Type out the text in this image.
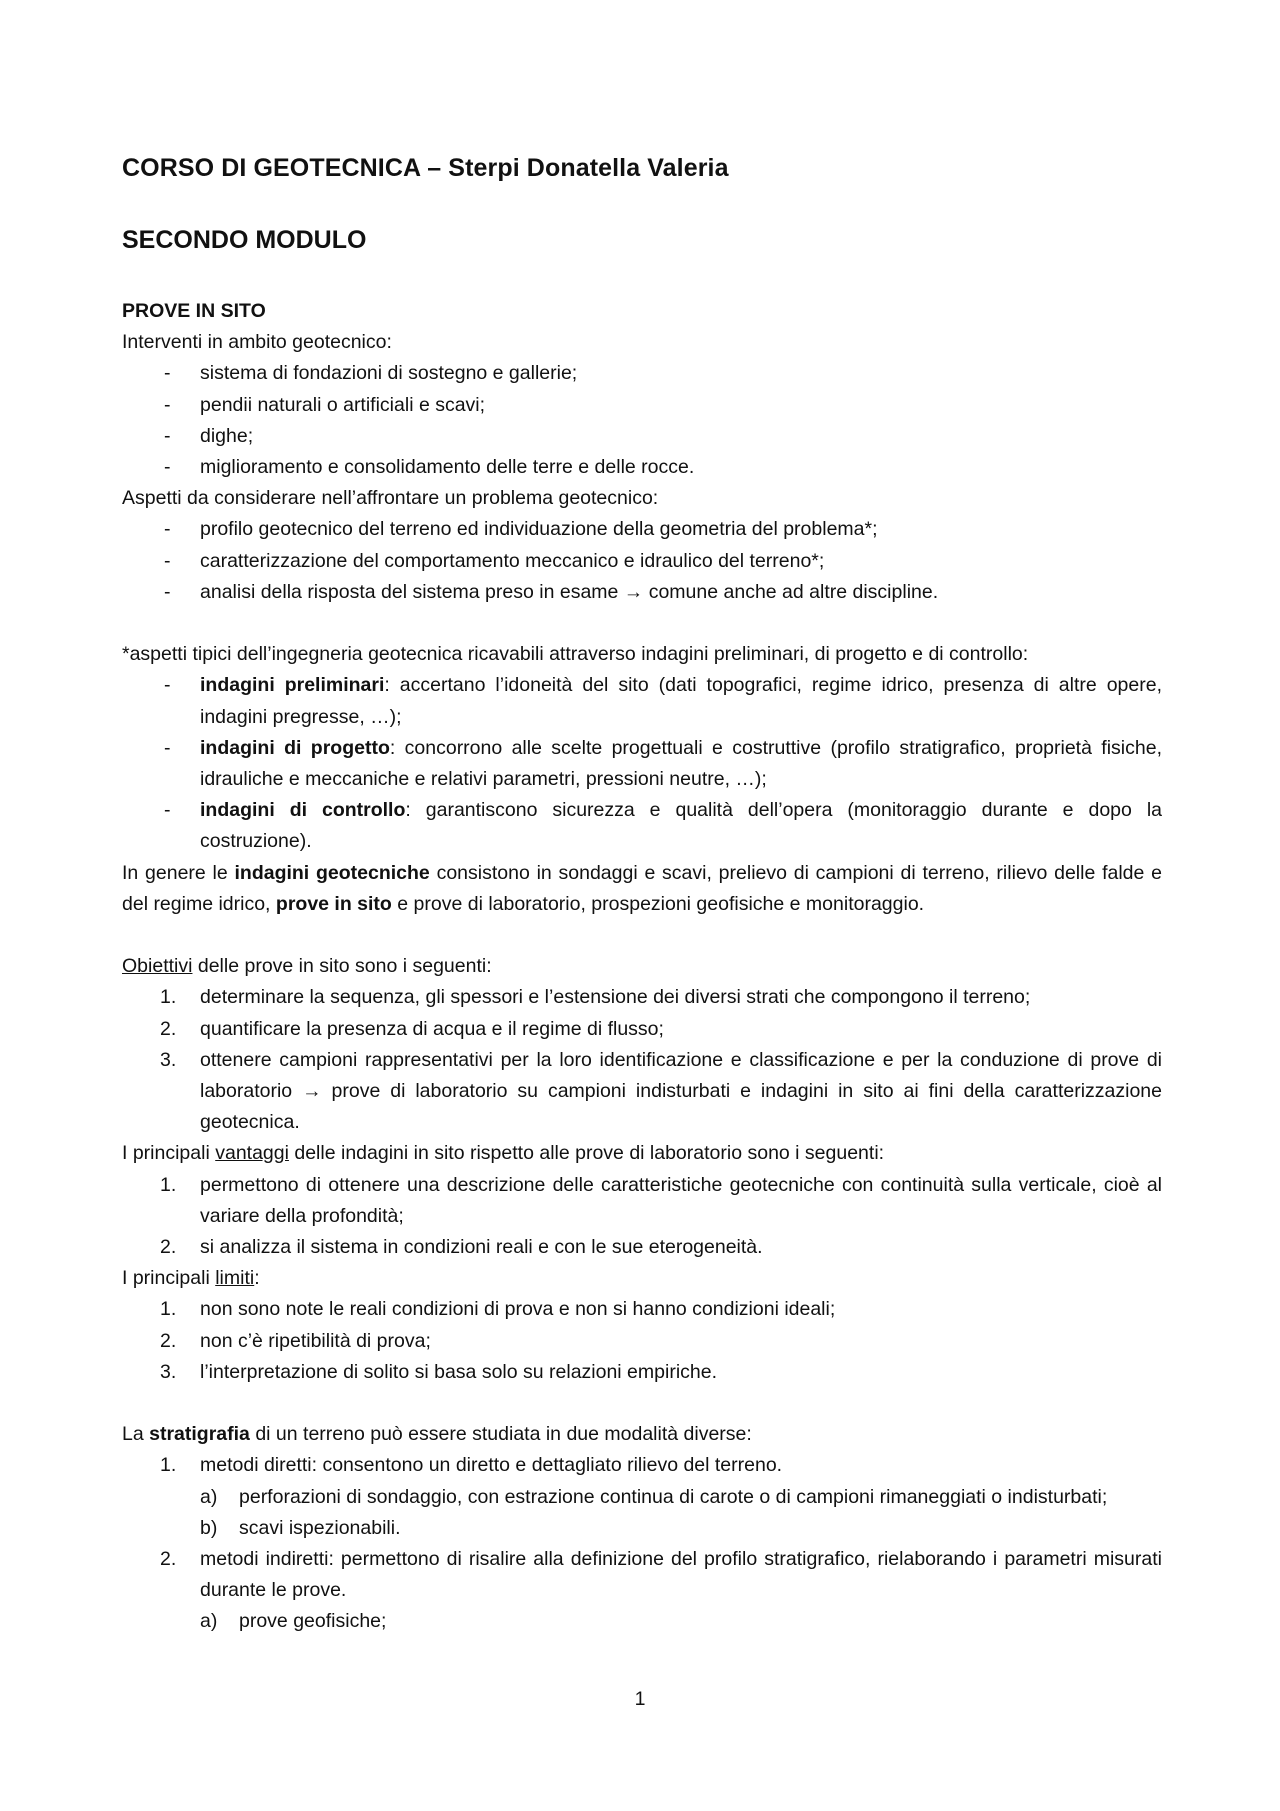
CORSO DI GEOTECNICA – Sterpi Donatella Valeria
SECONDO MODULO

PROVE IN SITO

Interventi in ambito geotecnico:

-	sistema di fondazioni di sostegno e gallerie;
-	pendii naturali o artificiali e scavi;
-	dighe;
-	miglioramento e consolidamento delle terre e delle rocce.

Aspetti da considerare nell’affrontare un problema geotecnico:

-	profilo geotecnico del terreno ed individuazione della geometria del problema*;
-	caratterizzazione del comportamento meccanico e idraulico del terreno*;
-	analisi della risposta del sistema preso in esame → comune anche ad altre discipline.

*aspetti tipici dell’ingegneria geotecnica ricavabili attraverso indagini preliminari, di progetto e di controllo:

-	indagini preliminari: accertano l’idoneità del sito (dati topografici, regime idrico, presenza di altre opere, indagini pregresse, …);
-	indagini di progetto: concorrono alle scelte progettuali e costruttive (profilo stratigrafico, proprietà fisiche, idrauliche e meccaniche e relativi parametri, pressioni neutre, …);
-	indagini di controllo: garantiscono sicurezza e qualità dell’opera (monitoraggio durante e dopo la costruzione).

In genere le indagini geotecniche consistono in sondaggi e scavi, prelievo di campioni di terreno, rilievo delle falde e del regime idrico, prove in sito e prove di laboratorio, prospezioni geofisiche e monitoraggio.

Obiettivi delle prove in sito sono i seguenti:

1.	determinare la sequenza, gli spessori e l’estensione dei diversi strati che compongono il terreno;
2.	quantificare la presenza di acqua e il regime di flusso;
3.	ottenere campioni rappresentativi per la loro identificazione e classificazione e per la conduzione di prove di laboratorio → prove di laboratorio su campioni indisturbati e indagini in sito ai fini della caratterizzazione geotecnica.

I principali vantaggi delle indagini in sito rispetto alle prove di laboratorio sono i seguenti:

1.	permettono di ottenere una descrizione delle caratteristiche geotecniche con continuità sulla verticale, cioè al variare della profondità;
2.	si analizza il sistema in condizioni reali e con le sue eterogeneità.

I principali limiti:

1.	non sono note le reali condizioni di prova e non si hanno condizioni ideali;
2.	non c’è ripetibilità di prova;
3.	l’interpretazione di solito si basa solo su relazioni empiriche.

La stratigrafia di un terreno può essere studiata in due modalità diverse:

1.	metodi diretti: consentono un diretto e dettagliato rilievo del terreno.
a)	perforazioni di sondaggio, con estrazione continua di carote o di campioni rimaneggiati o indisturbati;
b)	scavi ispezionabili.
2.	metodi indiretti: permettono di risalire alla definizione del profilo stratigrafico, rielaborando i parametri misurati durante le prove.
a)	prove geofisiche;
1
